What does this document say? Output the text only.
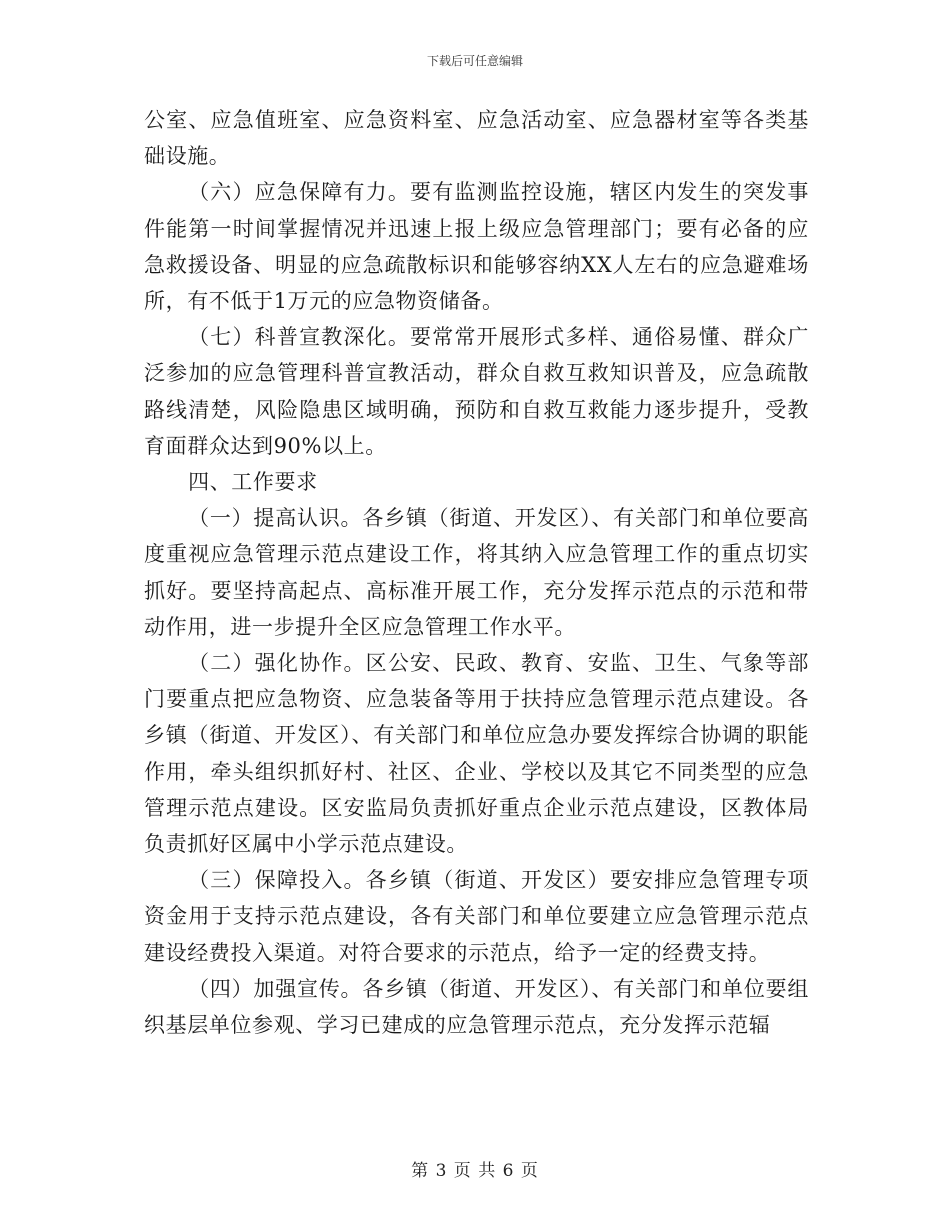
下载后可任意编辑

公室、应急值班室、应急资料室、应急活动室、应急器材室等各类基础设施。

（六）应急保障有力。要有监测监控设施，辖区内发生的突发事件能第一时间掌握情况并迅速上报上级应急管理部门；要有必备的应急救援设备、明显的应急疏散标识和能够容纳XX人左右的应急避难场所，有不低于1万元的应急物资储备。

（七）科普宣教深化。要常常开展形式多样、通俗易懂、群众广泛参加的应急管理科普宣教活动，群众自救互救知识普及，应急疏散路线清楚，风险隐患区域明确，预防和自救互救能力逐步提升，受教育面群众达到90%以上。

四、工作要求

（一）提高认识。各乡镇（街道、开发区）、有关部门和单位要高度重视应急管理示范点建设工作，将其纳入应急管理工作的重点切实抓好。要坚持高起点、高标准开展工作，充分发挥示范点的示范和带动作用，进一步提升全区应急管理工作水平。

（二）强化协作。区公安、民政、教育、安监、卫生、气象等部门要重点把应急物资、应急装备等用于扶持应急管理示范点建设。各乡镇（街道、开发区）、有关部门和单位应急办要发挥综合协调的职能作用，牵头组织抓好村、社区、企业、学校以及其它不同类型的应急管理示范点建设。区安监局负责抓好重点企业示范点建设，区教体局负责抓好区属中小学示范点建设。

（三）保障投入。各乡镇（街道、开发区）要安排应急管理专项资金用于支持示范点建设，各有关部门和单位要建立应急管理示范点建设经费投入渠道。对符合要求的示范点，给予一定的经费支持。

（四）加强宣传。各乡镇（街道、开发区）、有关部门和单位要组织基层单位参观、学习已建成的应急管理示范点，充分发挥示范辐

第 3 页 共 6 页
